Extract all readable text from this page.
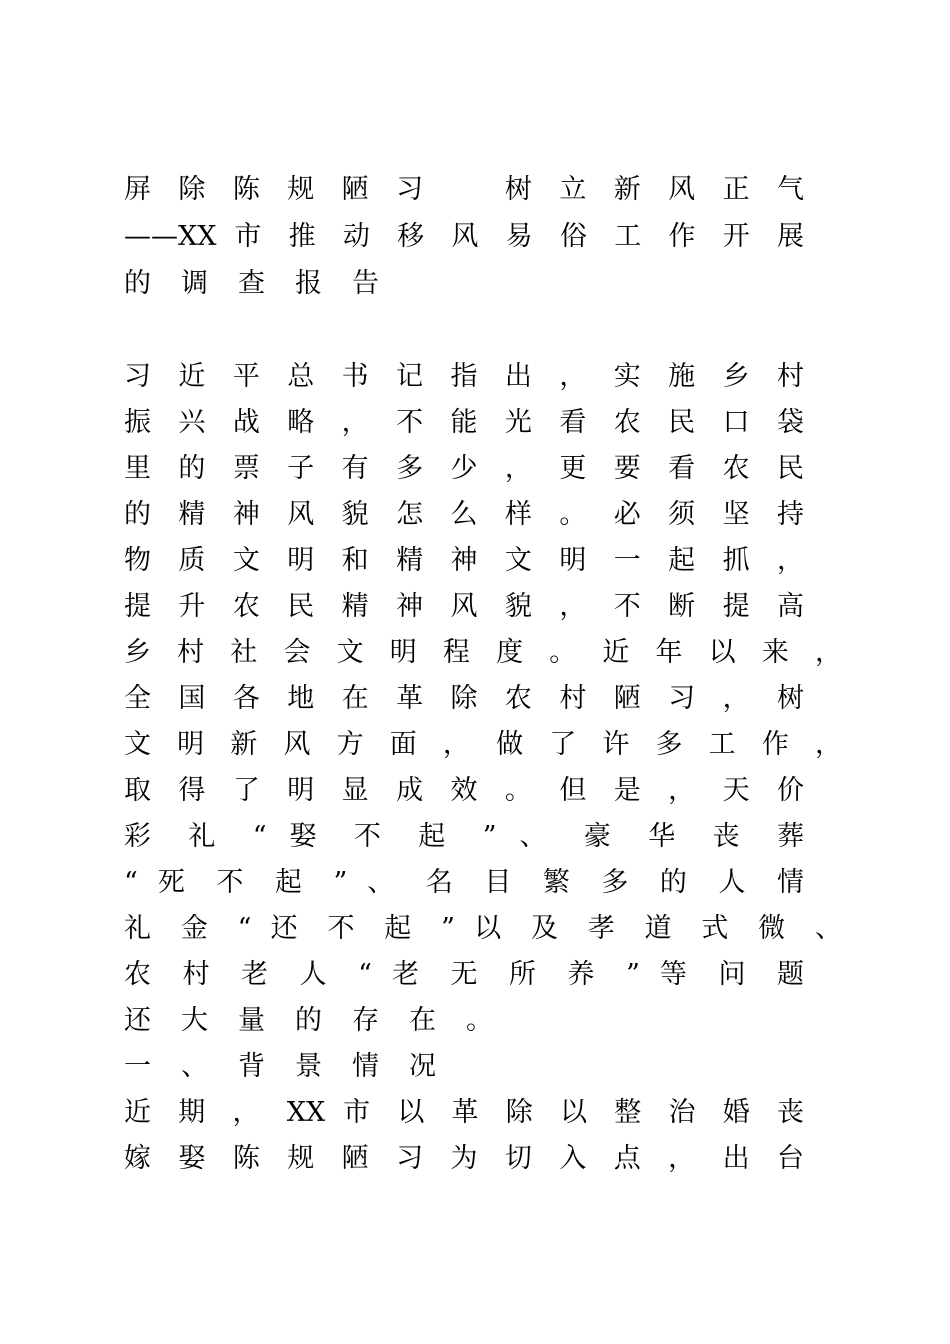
屏 除 陈 规 陋 习 　 树 立 新 风 正 气
——XX 市 推 动 移 风 易 俗 工 作 开 展
的调查报告
习 近 平 总 书 记 指 出 ， 实 施 乡 村
振 兴 战 略 ， 不 能 光 看 农 民 口 袋
里 的 票 子 有 多 少 ， 更 要 看 农 民
的 精 神 风 貌 怎 么 样 。 必 须 坚 持
物 质 文 明 和 精 神 文 明 一 起 抓 ，
提 升 农 民 精 神 风 貌 ， 不 断 提 高
乡 村 社 会 文 明 程 度 。 近 年 以 来 ，
全 国 各 地 在 革 除 农 村 陋 习 ， 树
文 明 新 风 方 面 ， 做 了 许 多 工 作 ，
取 得 了 明 显 成 效 。 但 是 ， 天 价
彩 礼 “ 娶 不 起 ” 、 豪 华 丧 葬
“ 死 不 起 ” 、 名 目 繁 多 的 人 情
礼 金 “ 还 不 起 ” 以 及 孝 道 式 微 、
农 村 老 人 “ 老 无 所 养 ” 等 问 题
还大量的存在。
一、背景情况
近 期 ， XX 市 以 革 除 以 整 治 婚 丧
嫁 娶 陈 规 陋 习 为 切 入 点 ， 出 台
